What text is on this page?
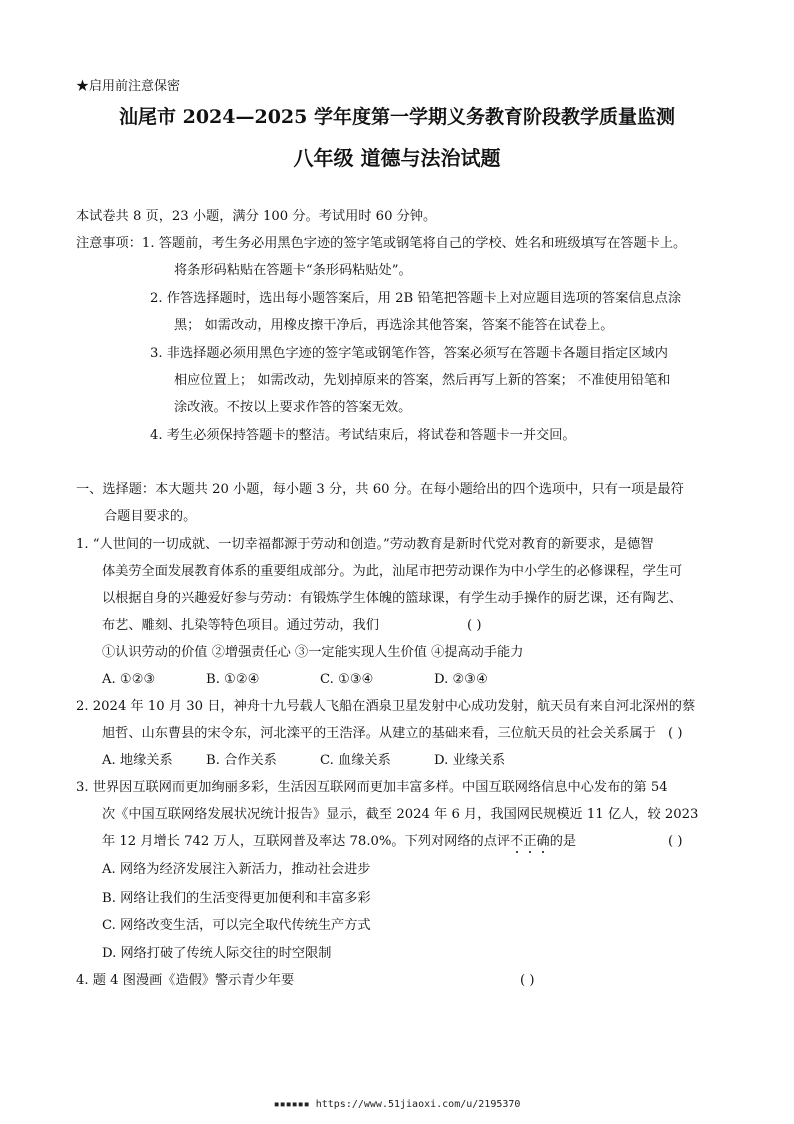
★启用前注意保密
汕尾市 2024—2025 学年度第一学期义务教育阶段教学质量监测
八年级 道德与法治试题
本试卷共 8 页，23 小题，满分 100 分。考试用时 60 分钟。
注意事项：1. 答题前，考生务必用黑色字迹的签字笔或钢笔将自己的学校、姓名和班级填写在答题卡上。
将条形码粘贴在答题卡“条形码粘贴处”。
2. 作答选择题时，选出每小题答案后，用 2B 铅笔把答题卡上对应题目选项的答案信息点涂
黑； 如需改动，用橡皮擦干净后，再选涂其他答案，答案不能答在试卷上。
3. 非选择题必须用黑色字迹的签字笔或钢笔作答，答案必须写在答题卡各题目指定区域内
相应位置上； 如需改动，先划掉原来的答案，然后再写上新的答案； 不准使用铅笔和
涂改液。不按以上要求作答的答案无效。
4. 考生必须保持答题卡的整洁。考试结束后，将试卷和答题卡一并交回。
一、选择题：本大题共 20 小题，每小题 3 分，共 60 分。在每小题给出的四个选项中，只有一项是最符
合题目要求的。
1. “人世间的一切成就、一切幸福都源于劳动和创造。”劳动教育是新时代党对教育的新要求，是德智
体美劳全面发展教育体系的重要组成部分。为此，汕尾市把劳动课作为中小学生的必修课程，学生可
以根据自身的兴趣爱好参与劳动：有锻炼学生体魄的篮球课，有学生动手操作的厨艺课，还有陶艺、
布艺、雕刻、扎染等特色项目。通过劳动，我们	( )
①认识劳动的价值 ②增强责任心 ③一定能实现人生价值 ④提高动手能力
A. ①②③	B. ①②④	C. ①③④	D. ②③④
2. 2024 年 10 月 30 日，神舟十九号载人飞船在酒泉卫星发射中心成功发射，航天员有来自河北深州的蔡
旭哲、山东曹县的宋令东，河北滦平的王浩泽。从建立的基础来看，三位航天员的社会关系属于 ( )
A. 地缘关系	B. 合作关系	C. 血缘关系	D. 业缘关系
3. 世界因互联网而更加绚丽多彩，生活因互联网而更加丰富多样。中国互联网络信息中心发布的第 54
次《中国互联网络发展状况统计报告》显示，截至 2024 年 6 月，我国网民规模近 11 亿人，较 2023
年 12 月增长 742 万人，互联网普及率达 78.0%。下列对网络的点评不正确的是	( )
A. 网络为经济发展注入新活力，推动社会进步
B. 网络让我们的生活变得更加便利和丰富多彩
C. 网络改变生活，可以完全取代传统生产方式
D. 网络打破了传统人际交往的时空限制
4. 题 4 图漫画《造假》警示青少年要	( )
▪▪▪▪▪▪ https://www.51jiaoxi.com/u/2195370
